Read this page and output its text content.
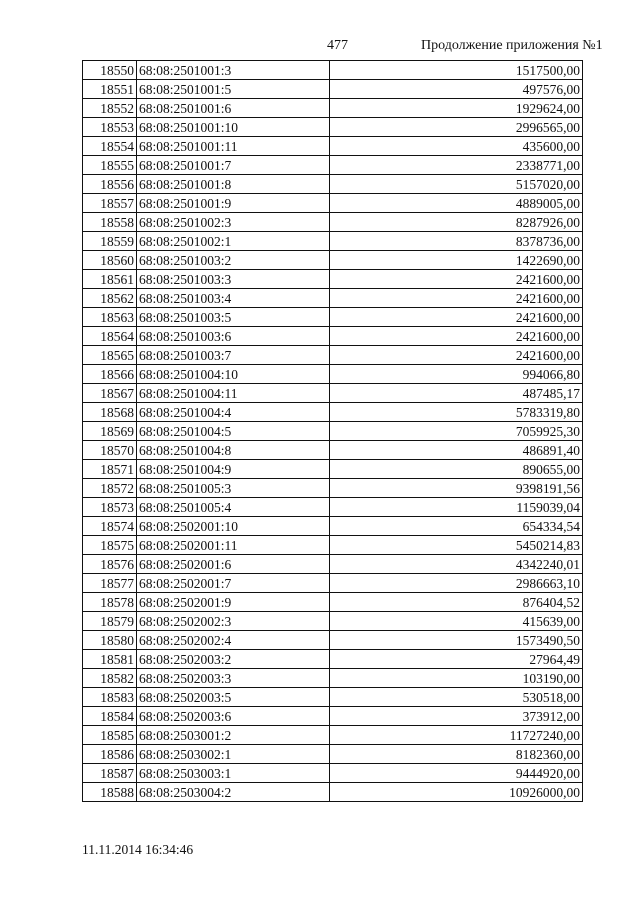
477	Продолжение приложения №1
18550	68:08:2501001:3	1517500,00
18551	68:08:2501001:5	497576,00
18552	68:08:2501001:6	1929624,00
18553	68:08:2501001:10	2996565,00
18554	68:08:2501001:11	435600,00
18555	68:08:2501001:7	2338771,00
18556	68:08:2501001:8	5157020,00
18557	68:08:2501001:9	4889005,00
18558	68:08:2501002:3	8287926,00
18559	68:08:2501002:1	8378736,00
18560	68:08:2501003:2	1422690,00
18561	68:08:2501003:3	2421600,00
18562	68:08:2501003:4	2421600,00
18563	68:08:2501003:5	2421600,00
18564	68:08:2501003:6	2421600,00
18565	68:08:2501003:7	2421600,00
18566	68:08:2501004:10	994066,80
18567	68:08:2501004:11	487485,17
18568	68:08:2501004:4	5783319,80
18569	68:08:2501004:5	7059925,30
18570	68:08:2501004:8	486891,40
18571	68:08:2501004:9	890655,00
18572	68:08:2501005:3	9398191,56
18573	68:08:2501005:4	1159039,04
18574	68:08:2502001:10	654334,54
18575	68:08:2502001:11	5450214,83
18576	68:08:2502001:6	4342240,01
18577	68:08:2502001:7	2986663,10
18578	68:08:2502001:9	876404,52
18579	68:08:2502002:3	415639,00
18580	68:08:2502002:4	1573490,50
18581	68:08:2502003:2	27964,49
18582	68:08:2502003:3	103190,00
18583	68:08:2502003:5	530518,00
18584	68:08:2502003:6	373912,00
18585	68:08:2503001:2	11727240,00
18586	68:08:2503002:1	8182360,00
18587	68:08:2503003:1	9444920,00
18588	68:08:2503004:2	10926000,00
11.11.2014 16:34:46
